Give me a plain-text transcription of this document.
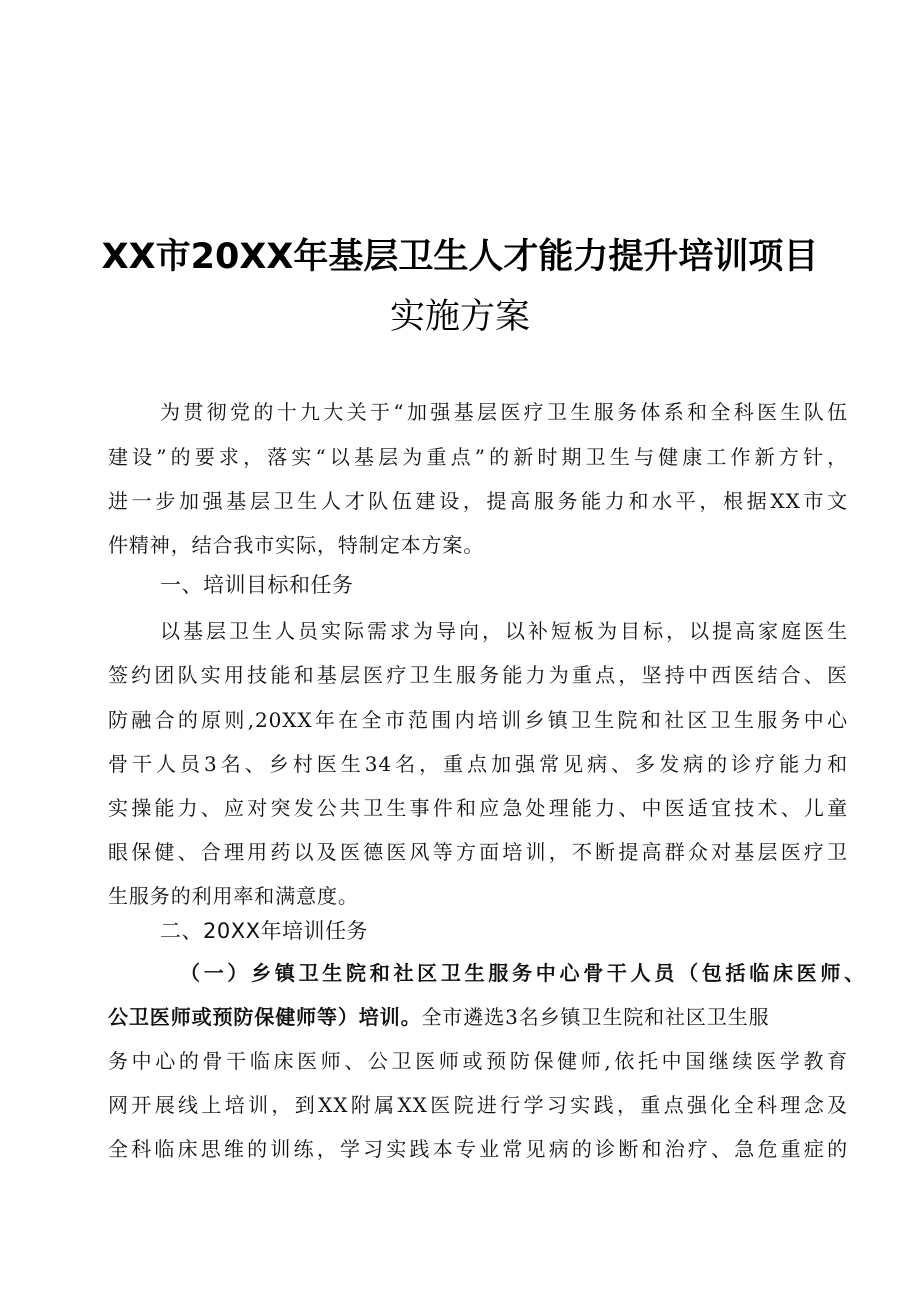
XX市20XX年基层卫生人才能力提升培训项目
实施方案
为贯彻党的十九大关于“加强基层医疗卫生服务体系和全科医生队伍
建设”的要求，落实“以基层为重点”的新时期卫生与健康工作新方针，
进一步加强基层卫生人才队伍建设，提高服务能力和水平，根据XX市文
件精神，结合我市实际，特制定本方案。
一、培训目标和任务
以基层卫生人员实际需求为导向，以补短板为目标，以提高家庭医生
签约团队实用技能和基层医疗卫生服务能力为重点，坚持中西医结合、医
防融合的原则,20XX年在全市范围内培训乡镇卫生院和社区卫生服务中心
骨干人员3名、乡村医生34名，重点加强常见病、多发病的诊疗能力和
实操能力、应对突发公共卫生事件和应急处理能力、中医适宜技术、儿童
眼保健、合理用药以及医德医风等方面培训，不断提高群众对基层医疗卫
生服务的利用率和满意度。
二、20XX年培训任务
（一）乡镇卫生院和社区卫生服务中心骨干人员（包括临床医师、
公卫医师或预防保健师等）培训。全市遴选3名乡镇卫生院和社区卫生服
务中心的骨干临床医师、公卫医师或预防保健师,依托中国继续医学教育
网开展线上培训，到XX附属XX医院进行学习实践，重点强化全科理念及
全科临床思维的训练，学习实践本专业常见病的诊断和治疗、急危重症的
